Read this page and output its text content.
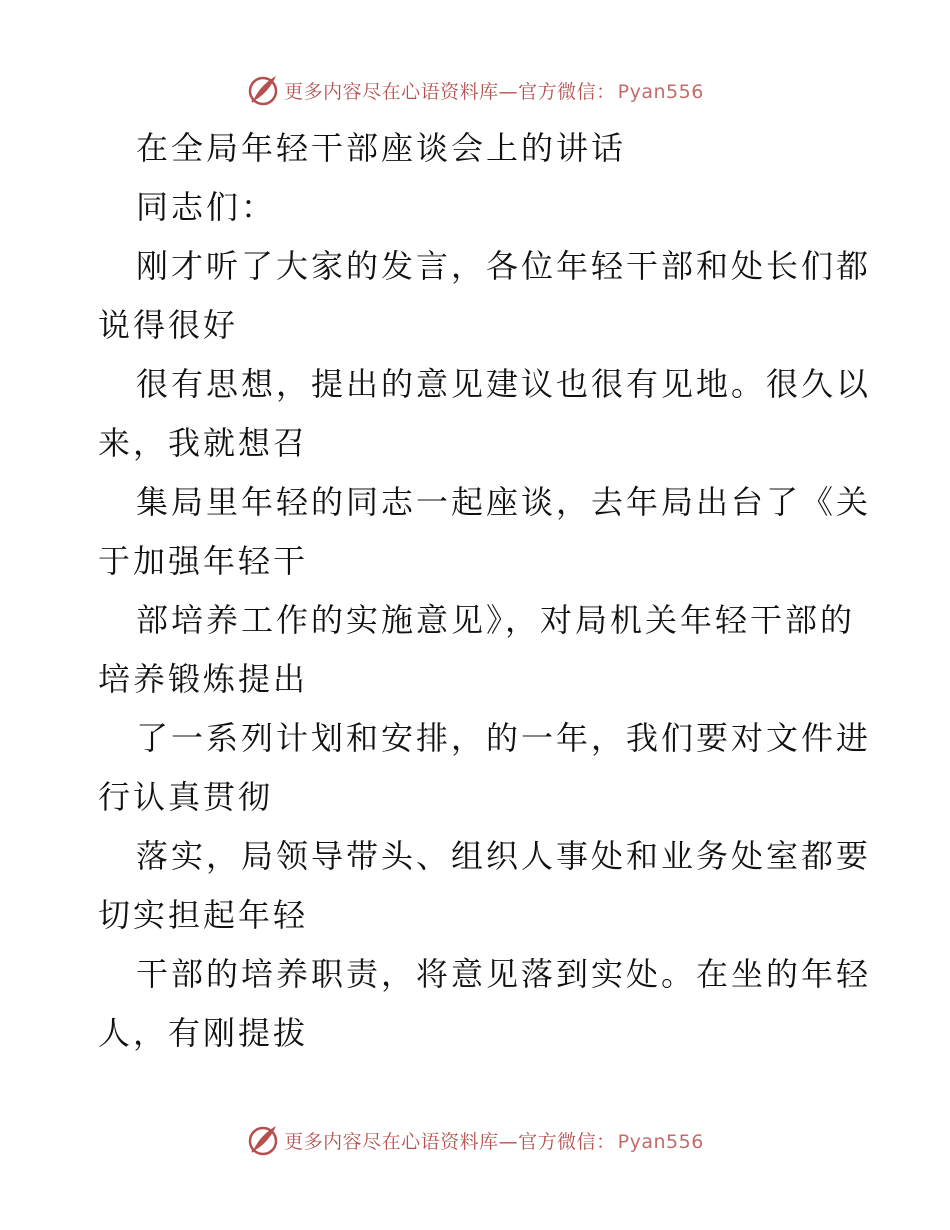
更多内容尽在心语资料库—官方微信： Pyan556
在全局年轻干部座谈会上的讲话
同志们：
刚才听了大家的发言，各位年轻干部和处长们都
说得很好
很有思想，提出的意见建议也很有见地。很久以
来，我就想召
集局里年轻的同志一起座谈，去年局出台了《关
于加强年轻干
部培养工作的实施意见》，对局机关年轻干部的
培养锻炼提出
了一系列计划和安排，的一年，我们要对文件进
行认真贯彻
落实，局领导带头、组织人事处和业务处室都要
切实担起年轻
干部的培养职责，将意见落到实处。在坐的年轻
人，有刚提拔
更多内容尽在心语资料库—官方微信： Pyan556
